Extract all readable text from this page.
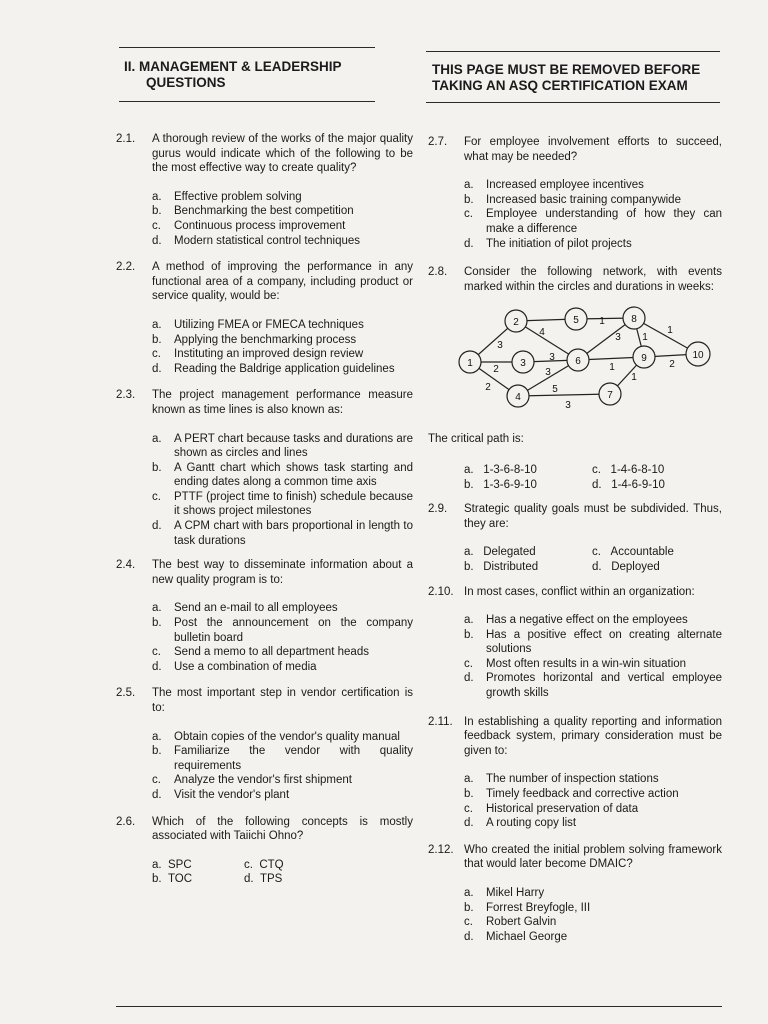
II. MANAGEMENT & LEADERSHIP
QUESTIONS
THIS PAGE MUST BE REMOVED BEFORE
TAKING AN ASQ CERTIFICATION EXAM
2.1.	A thorough review of the works of the major quality gurus would indicate which of the following to be the most effective way to create quality?
a. Effective problem solving
b. Benchmarking the best competition
c. Continuous process improvement
d. Modern statistical control techniques
2.2.	A method of improving the performance in any functional area of a company, including product or service quality, would be:
a. Utilizing FMEA or FMECA techniques
b. Applying the benchmarking process
c. Instituting an improved design review
d. Reading the Baldrige application guidelines
2.3.	The project management performance measure known as time lines is also known as:
a. A PERT chart because tasks and durations are shown as circles and lines
b. A Gantt chart which shows task starting and ending dates along a common time axis
c. PTTF (project time to finish) schedule because it shows project milestones
d. A CPM chart with bars proportional in length to task durations
2.4.	The best way to disseminate information about a new quality program is to:
a. Send an e-mail to all employees
b. Post the announcement on the company bulletin board
c. Send a memo to all department heads
d. Use a combination of media
2.5.	The most important step in vendor certification is to:
a. Obtain copies of the vendor's quality manual
b. Familiarize the vendor with quality requirements
c. Analyze the vendor's first shipment
d. Visit the vendor's plant
2.6.	Which of the following concepts is mostly associated with Taiichi Ohno?
a. SPC	c. CTQ
b. TOC	d. TPS
2.7.	For employee involvement efforts to succeed, what may be needed?
a. Increased employee incentives
b. Increased basic training companywide
c. Employee understanding of how they can make a difference
d. The initiation of pilot projects
2.8.	Consider the following network, with events marked within the circles and durations in weeks:
1
2
3
4
5
6
7
8
9	10
3
2
2
4
3
3
5
3
1
3
1
1
1
2
1

The critical path is:

a. 1-3-6-8-10	c. 1-4-6-8-10
b. 1-3-6-9-10	d. 1-4-6-9-10
2.9.	Strategic quality goals must be subdivided. Thus, they are:
a. Delegated	c. Accountable
b. Distributed	d. Deployed
2.10. In most cases, conflict within an organization:
a. Has a negative effect on the employees
b. Has a positive effect on creating alternate solutions
c. Most often results in a win-win situation
d. Promotes horizontal and vertical employee growth skills
2.11. In establishing a quality reporting and information feedback system, primary consideration must be given to:
a. The number of inspection stations
b. Timely feedback and corrective action
c. Historical preservation of data
d. A routing copy list
2.12. Who created the initial problem solving framework that would later become DMAIC?
a. Mikel Harry
b. Forrest Breyfogle, III
c. Robert Galvin
d. Michael George
